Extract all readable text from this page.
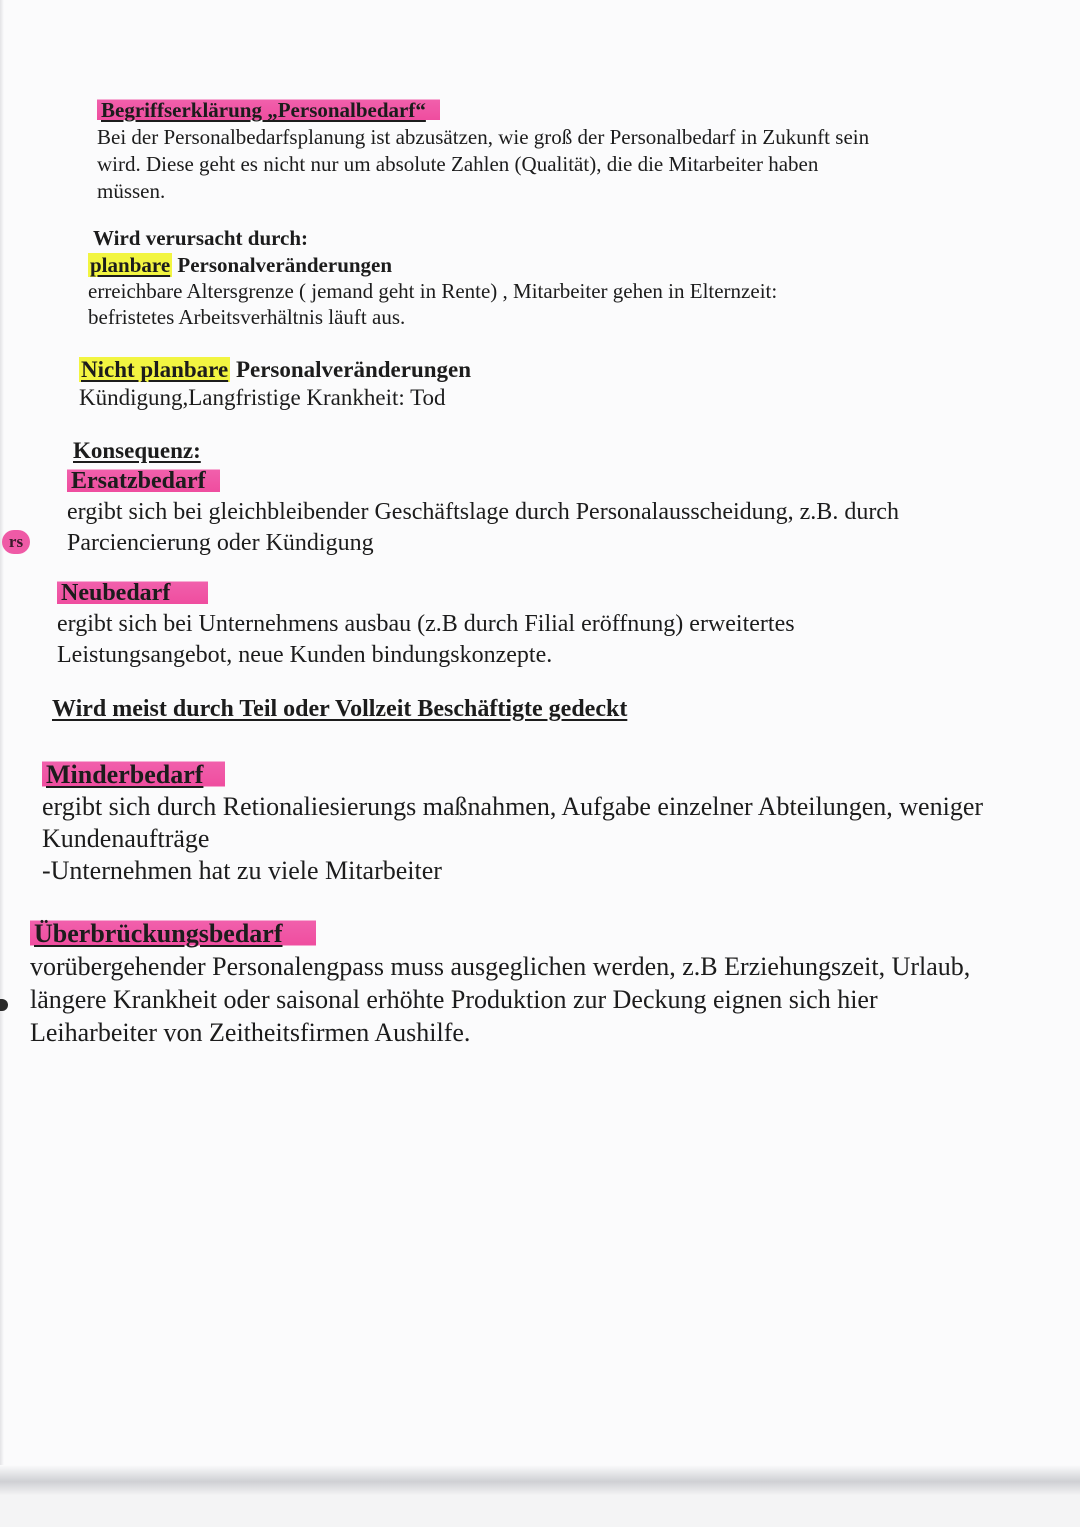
rs
Begriffserklärung „Personalbedarf“
Bei der Personalbedarfsplanung ist abzusätzen, wie groß der Personalbedarf in Zukunft sein
wird. Diese geht es nicht nur um absolute Zahlen (Qualität), die die Mitarbeiter haben
müssen.
Wird verursacht durch:
planbare Personalveränderungen
erreichbare Altersgrenze ( jemand geht in Rente) , Mitarbeiter gehen in Elternzeit:
befristetes Arbeitsverhältnis läuft aus.
Nicht planbare Personalveränderungen
Kündigung,Langfristige Krankheit: Tod
Konsequenz:
Ersatzbedarf
ergibt sich bei gleichbleibender Geschäftslage durch Personalausscheidung, z.B. durch
Parciencierung oder Kündigung
Neubedarf
ergibt sich bei Unternehmens ausbau (z.B durch Filial eröffnung) erweitertes
Leistungsangebot, neue Kunden bindungskonzepte.
Wird meist durch Teil oder Vollzeit Beschäftigte gedeckt
Minderbedarf
ergibt sich durch Retionaliesierungs maßnahmen, Aufgabe einzelner Abteilungen, weniger
Kundenaufträge
-Unternehmen hat zu viele Mitarbeiter
Überbrückungsbedarf
vorübergehender Personalengpass muss ausgeglichen werden, z.B Erziehungszeit, Urlaub,
längere Krankheit oder saisonal erhöhte Produktion zur Deckung eignen sich hier
Leiharbeiter von Zeitheitsfirmen Aushilfe.
